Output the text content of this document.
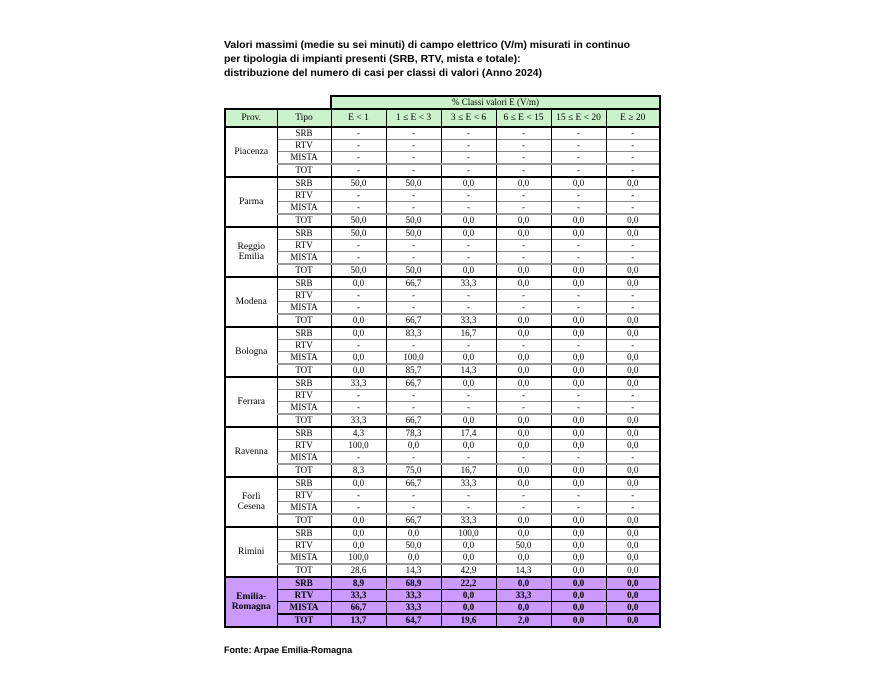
Valori massimi (medie su sei minuti) di campo elettrico (V/m) misurati in continuo
per tipologia di impianti presenti (SRB, RTV, mista e totale):
distribuzione del numero di casi per classi di valori (Anno 2024)
		% Classi valori E (V/m)					
Prov.	Tipo	E < 1	1 ≤ E < 3	3 ≤ E < 6	6 ≤ E < 15	15 ≤ E < 20	E ≥ 20
Piacenza	SRB	-	-	-	-	-	-
	RTV	-	-	-	-	-	-
	MISTA	-	-	-	-	-	-
	TOT	-	-	-	-	-	-
Parma	SRB	50,0	50,0	0,0	0,0	0,0	0,0
	RTV	-	-	-	-	-	-
	MISTA	-	-	-	-	-	-
	TOT	50,0	50,0	0,0	0,0	0,0	0,0
Reggio Emilia	SRB	50,0	50,0	0,0	0,0	0,0	0,0
	RTV	-	-	-	-	-	-
	MISTA	-	-	-	-	-	-
	TOT	50,0	50,0	0,0	0,0	0,0	0,0
Modena	SRB	0,0	66,7	33,3	0,0	0,0	0,0
	RTV	-	-	-	-	-	-
	MISTA	-	-	-	-	-	-
	TOT	0,0	66,7	33,3	0,0	0,0	0,0
Bologna	SRB	0,0	83,3	16,7	0,0	0,0	0,0
	RTV	-	-	-	-	-	-
	MISTA	0,0	100,0	0,0	0,0	0,0	0,0
	TOT	0,0	85,7	14,3	0,0	0,0	0,0
Ferrara	SRB	33,3	66,7	0,0	0,0	0,0	0,0
	RTV	-	-	-	-	-	-
	MISTA	-	-	-	-	-	-
	TOT	33,3	66,7	0,0	0,0	0,0	0,0
Ravenna	SRB	4,3	78,3	17,4	0,0	0,0	0,0
	RTV	100,0	0,0	0,0	0,0	0,0	0,0
	MISTA	-	-	-	-	-	-
	TOT	8,3	75,0	16,7	0,0	0,0	0,0
Forlì Cesena	SRB	0,0	66,7	33,3	0,0	0,0	0,0
	RTV	-	-	-	-	-	-
	MISTA	-	-	-	-	-	-
	TOT	0,0	66,7	33,3	0,0	0,0	0,0
Rimini	SRB	0,0	0,0	100,0	0,0	0,0	0,0
	RTV	0,0	50,0	0,0	50,0	0,0	0,0
	MISTA	100,0	0,0	0,0	0,0	0,0	0,0
	TOT	28,6	14,3	42,9	14,3	0,0	0,0
Emilia-Romagna	SRB	8,9	68,9	22,2	0,0	0,0	0,0
	RTV	33,3	33,3	0,0	33,3	0,0	0,0
	MISTA	66,7	33,3	0,0	0,0	0,0	0,0
	TOT	13,7	64,7	19,6	2,0	0,0	0,0
Fonte: Arpae Emilia-Romagna
